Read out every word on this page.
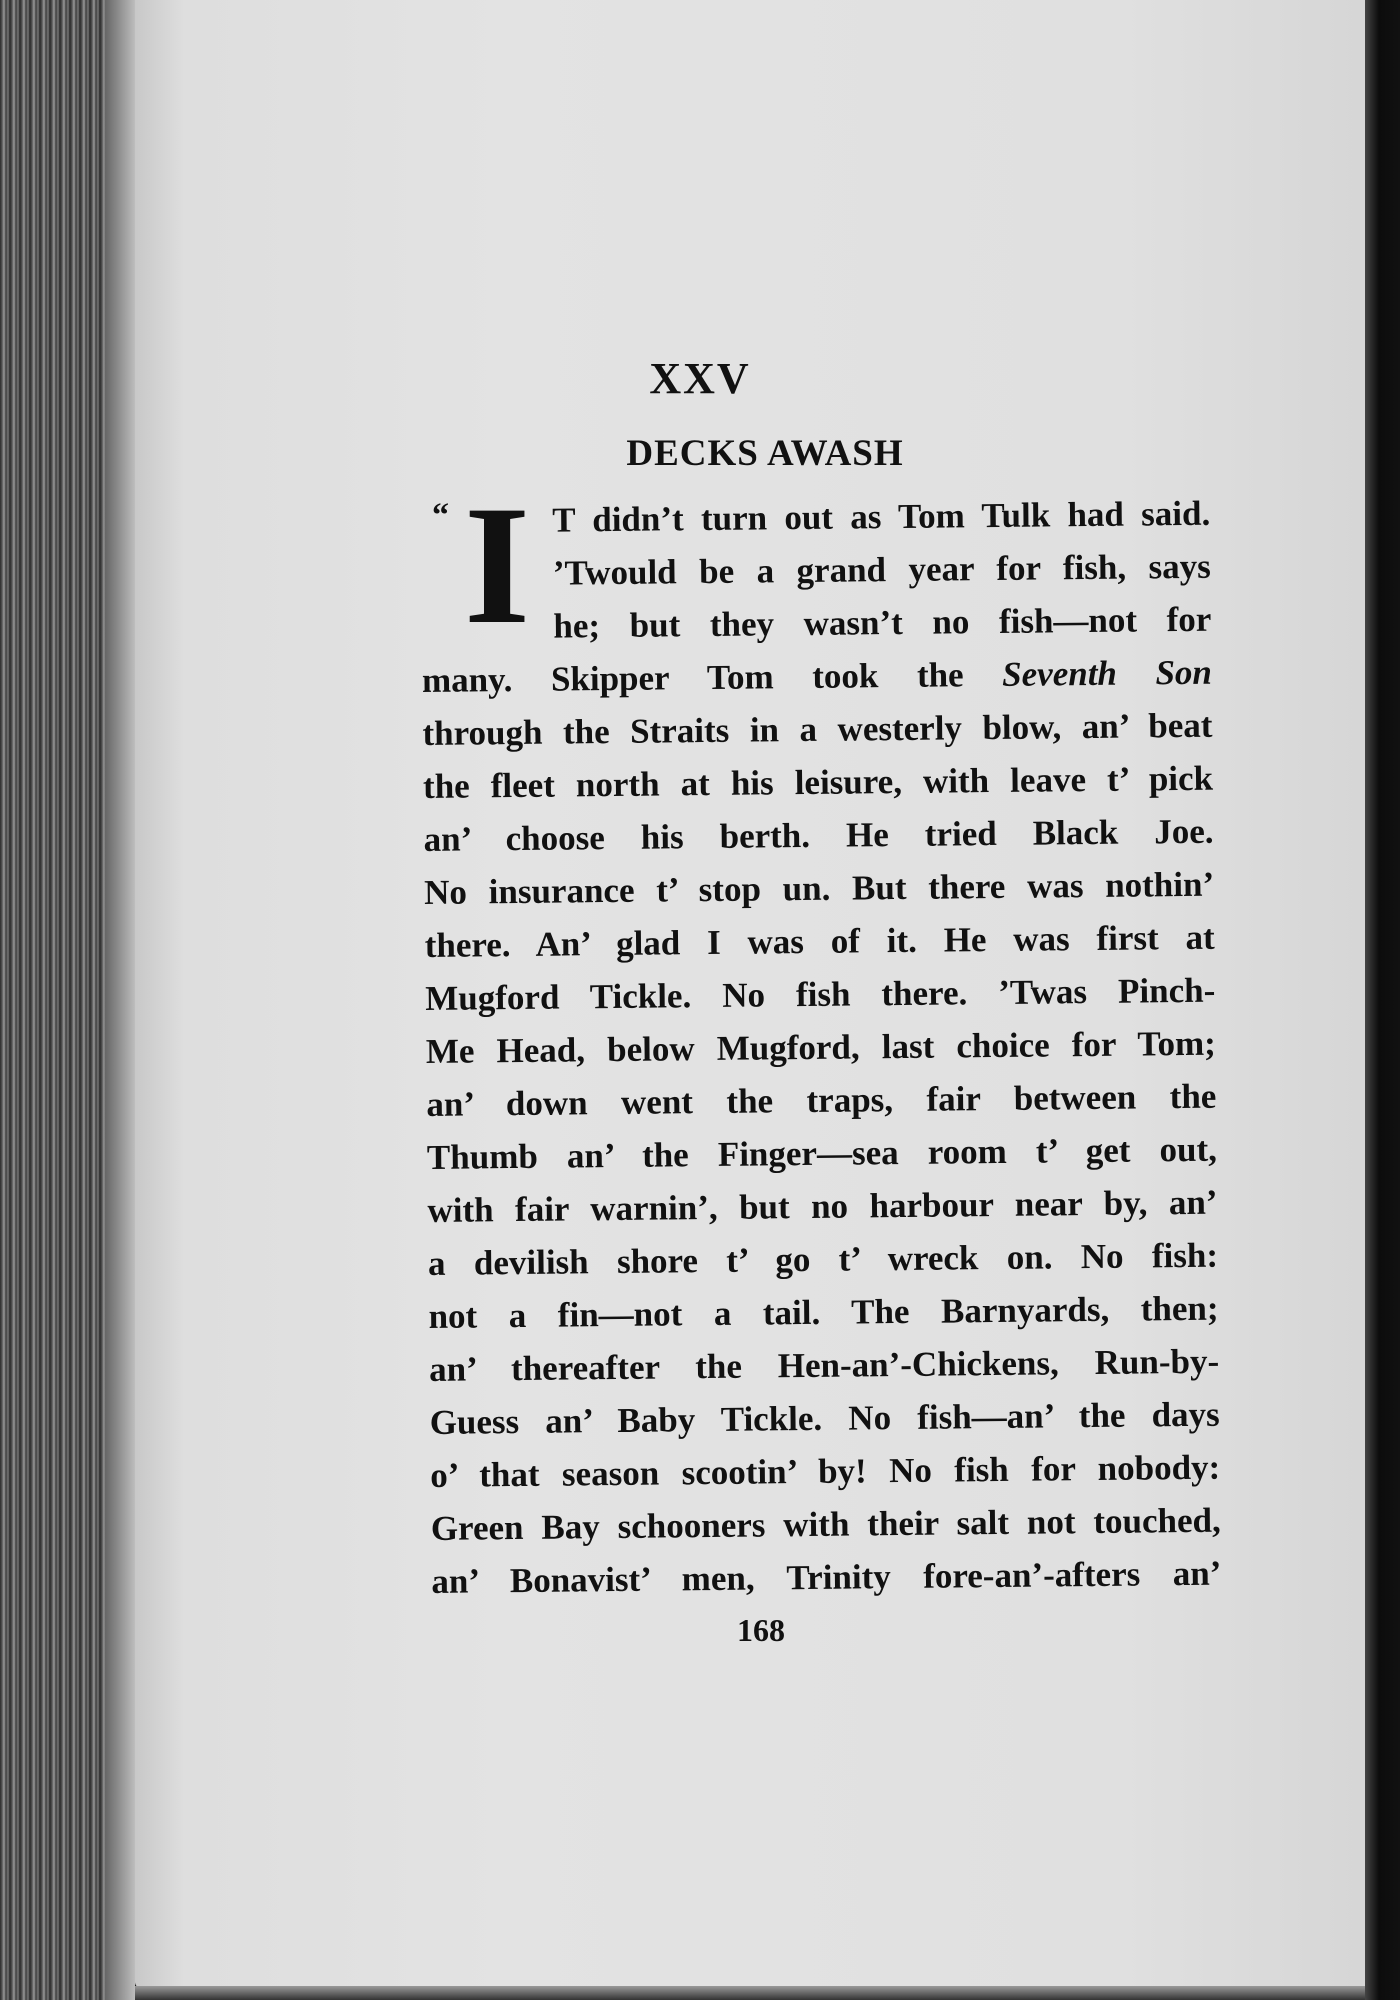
XXV
DECKS AWASH
“ I T didn’t turn out as Tom Tulk had said.
’Twould be a grand year for fish, says
he; but they wasn’t no fish—not for
many. Skipper Tom took the Seventh Son
through the Straits in a westerly blow, an’ beat
the fleet north at his leisure, with leave t’ pick
an’ choose his berth. He tried Black Joe.
No insurance t’ stop un. But there was nothin’
there. An’ glad I was of it. He was first at
Mugford Tickle. No fish there. ’Twas Pinch-
Me Head, below Mugford, last choice for Tom;
an’ down went the traps, fair between the
Thumb an’ the Finger—sea room t’ get out,
with fair warnin’, but no harbour near by, an’
a devilish shore t’ go t’ wreck on. No fish:
not a fin—not a tail. The Barnyards, then;
an’ thereafter the Hen-an’-Chickens, Run-by-
Guess an’ Baby Tickle. No fish—an’ the days
o’ that season scootin’ by! No fish for nobody:
Green Bay schooners with their salt not touched,
an’ Bonavist’ men, Trinity fore-an’-afters an’
168
